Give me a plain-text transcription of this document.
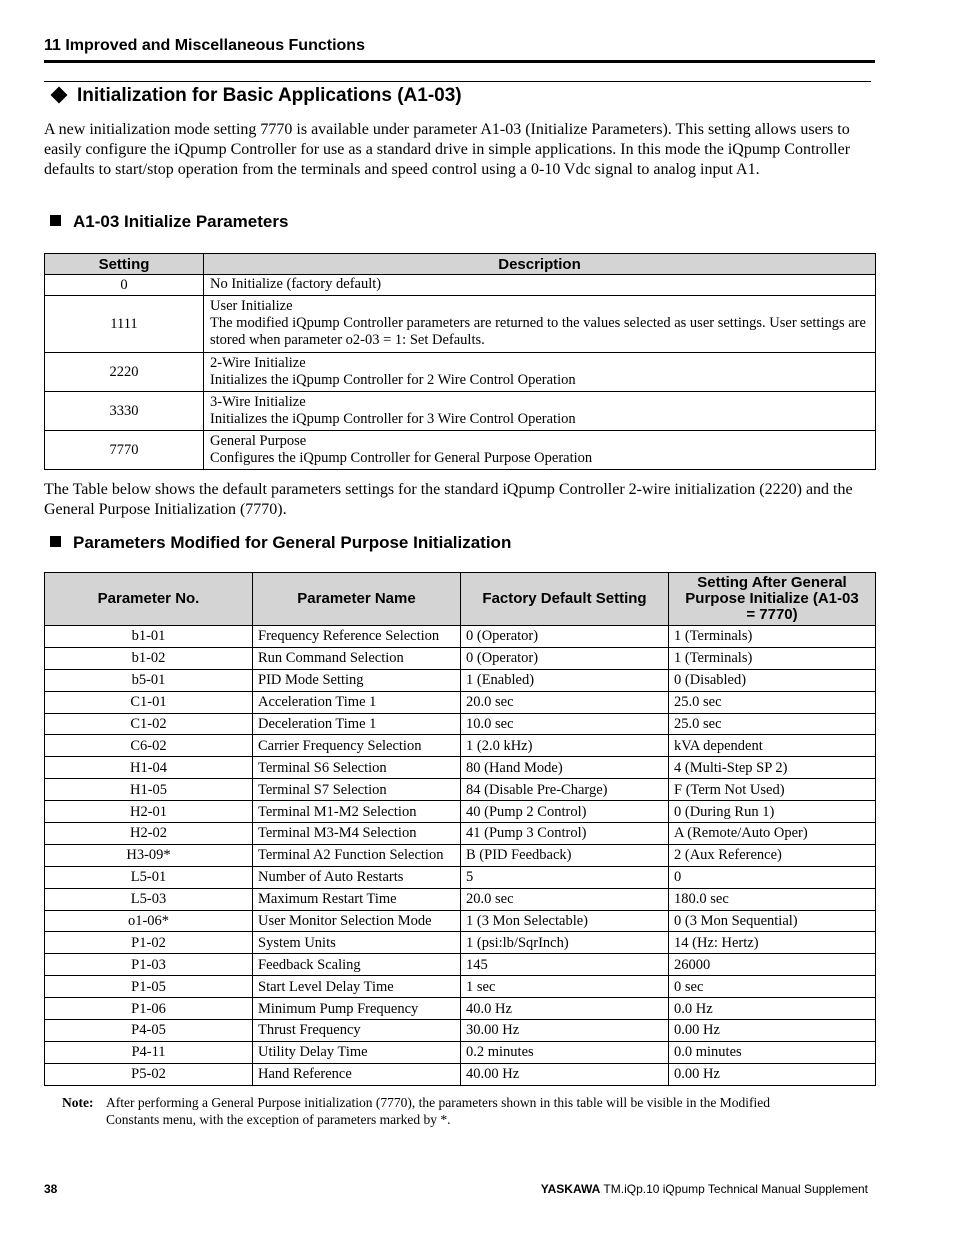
11 Improved and Miscellaneous Functions
Initialization for Basic Applications (A1-03)
A new initialization mode setting 7770 is available under parameter A1-03 (Initialize Parameters). This setting allows users to easily configure the iQpump Controller for use as a standard drive in simple applications. In this mode the iQpump Controller defaults to start/stop operation from the terminals and speed control using a 0-10 Vdc signal to analog input A1.
A1-03 Initialize Parameters
Setting	Description
0	No Initialize (factory default)

1111	User Initialize
The modified iQpump Controller parameters are returned to the values selected as user settings. User settings are stored when parameter o2-03 = 1: Set Defaults.

2220	2-Wire Initialize
Initializes the iQpump Controller for 2 Wire Control Operation

3330	3-Wire Initialize
Initializes the iQpump Controller for 3 Wire Control Operation

7770	General Purpose
Configures the iQpump Controller for General Purpose Operation
The Table below shows the default parameters settings for the standard iQpump Controller 2-wire initialization (2220) and the General Purpose Initialization (7770).
Parameters Modified for General Purpose Initialization
Parameter No.	Parameter Name	Factory Default Setting	Setting After General Purpose Initialize (A1-03 = 7770)
b1-01	Frequency Reference Selection	0 (Operator)	1 (Terminals)
b1-02	Run Command Selection	0 (Operator)	1 (Terminals)
b5-01	PID Mode Setting	1 (Enabled)	0 (Disabled)
C1-01	Acceleration Time 1	20.0 sec	25.0 sec
C1-02	Deceleration Time 1	10.0 sec	25.0 sec
C6-02	Carrier Frequency Selection	1 (2.0 kHz)	kVA dependent
H1-04	Terminal S6 Selection	80 (Hand Mode)	4 (Multi-Step SP 2)
H1-05	Terminal S7 Selection	84 (Disable Pre-Charge)	F (Term Not Used)
H2-01	Terminal M1-M2 Selection	40 (Pump 2 Control)	0 (During Run 1)
H2-02	Terminal M3-M4 Selection	41 (Pump 3 Control)	A (Remote/Auto Oper)
H3-09*	Terminal A2 Function Selection	B (PID Feedback)	2 (Aux Reference)
L5-01	Number of Auto Restarts	5	0
L5-03	Maximum Restart Time	20.0 sec	180.0 sec
o1-06*	User Monitor Selection Mode	1 (3 Mon Selectable)	0 (3 Mon Sequential)
P1-02	System Units	1 (psi:lb/SqrInch)	14 (Hz: Hertz)
P1-03	Feedback Scaling	145	26000
P1-05	Start Level Delay Time	1 sec	0 sec
P1-06	Minimum Pump Frequency	40.0 Hz	0.0 Hz
P4-05	Thrust Frequency	30.00 Hz	0.00 Hz
P4-11	Utility Delay Time	0.2 minutes	0.0 minutes
P5-02	Hand Reference	40.00 Hz	0.00 Hz
Note: After performing a General Purpose initialization (7770), the parameters shown in this table will be visible in the Modified
Constants menu, with the exception of parameters marked by *.
38	YASKAWA TM.iQp.10 iQpump Technical Manual Supplement
